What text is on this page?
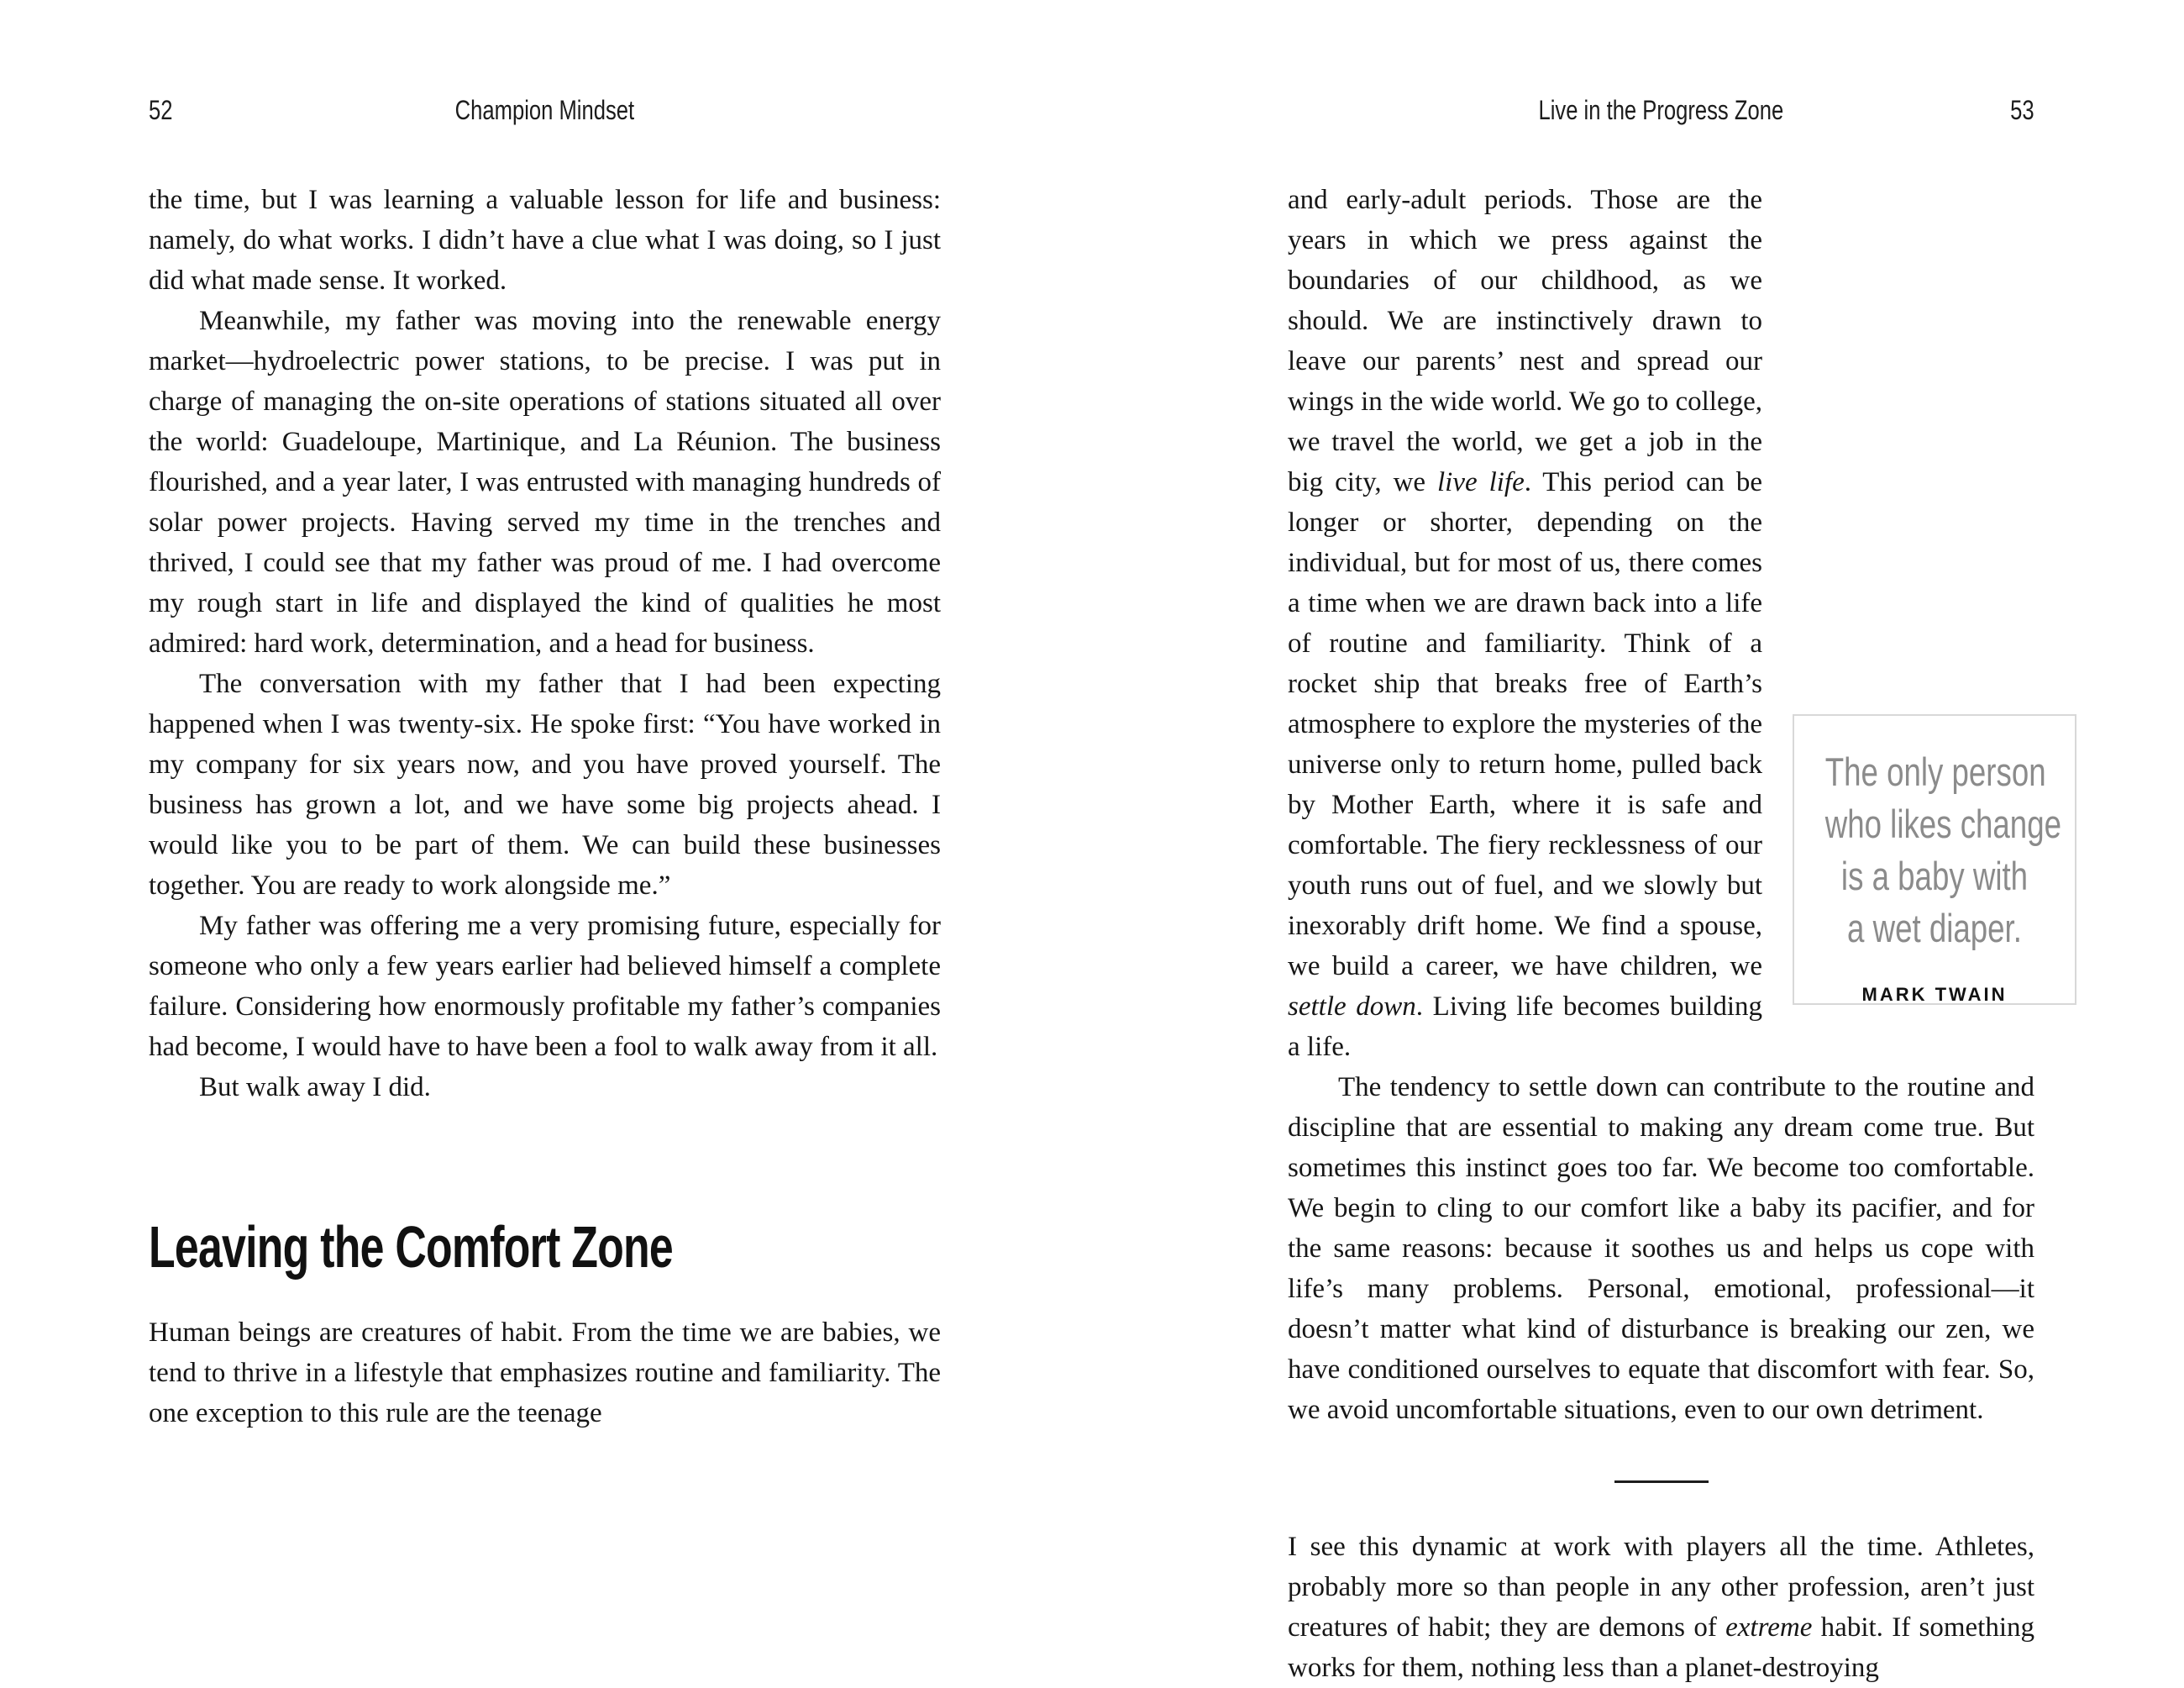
52	Champion Mindset	Live in the Progress Zone	53

the time, but I was learning a valuable lesson for life and business: namely, do what works. I didn’t have a clue what I was doing, so I just did what made sense. It worked.

Meanwhile, my father was moving into the renewable energy market—hydroelectric power stations, to be precise. I was put in charge of managing the on-site operations of stations situated all over the world: Guadeloupe, Martinique, and La Réunion. The business flourished, and a year later, I was entrusted with managing hundreds of solar power projects. Having served my time in the trenches and thrived, I could see that my father was proud of me. I had overcome my rough start in life and displayed the kind of qualities he most admired: hard work, determination, and a head for business.

The conversation with my father that I had been expecting happened when I was twenty-six. He spoke first: “You have worked in my company for six years now, and you have proved yourself. The business has grown a lot, and we have some big projects ahead. I would like you to be part of them. We can build these businesses together. You are ready to work alongside me.”

My father was offering me a very promising future, especially for someone who only a few years earlier had believed himself a complete failure. Considering how enormously profitable my father’s companies had become, I would have to have been a fool to walk away from it all.

But walk away I did.

Leaving the Comfort Zone

Human beings are creatures of habit. From the time we are babies, we tend to thrive in a lifestyle that emphasizes routine and familiarity. The one exception to this rule are the teenage

The only person
who likes change
is a baby with
a wet diaper.
MARK TWAIN

and early-adult periods. Those are the years in which we press against the boundaries of our childhood, as we should. We are instinctively drawn to leave our parents’ nest and spread our wings in the wide world. We go to college, we travel the world, we get a job in the big city, we live life. This period can be longer or shorter, depending on the individual, but for most of us, there comes a time when we are drawn back into a life of routine and familiarity. Think of a rocket ship that breaks free of Earth’s atmosphere to explore the mysteries of the universe only to return home, pulled back by Mother Earth, where it is safe and comfortable. The fiery recklessness of our youth runs out of fuel, and we slowly but inexorably drift home. We find a spouse, we build a career, we have children, we settle down. Living life becomes building a life.

The tendency to settle down can contribute to the routine and discipline that are essential to making any dream come true. But sometimes this instinct goes too far. We become too comfortable. We begin to cling to our comfort like a baby its pacifier, and for the same reasons: because it soothes us and helps us cope with life’s many problems. Personal, emotional, professional—it doesn’t matter what kind of disturbance is breaking our zen, we have conditioned ourselves to equate that discomfort with fear. So, we avoid uncomfortable situations, even to our own detriment.

I see this dynamic at work with players all the time. Athletes, probably more so than people in any other profession, aren’t just creatures of habit; they are demons of extreme habit. If something works for them, nothing less than a planet-destroying
